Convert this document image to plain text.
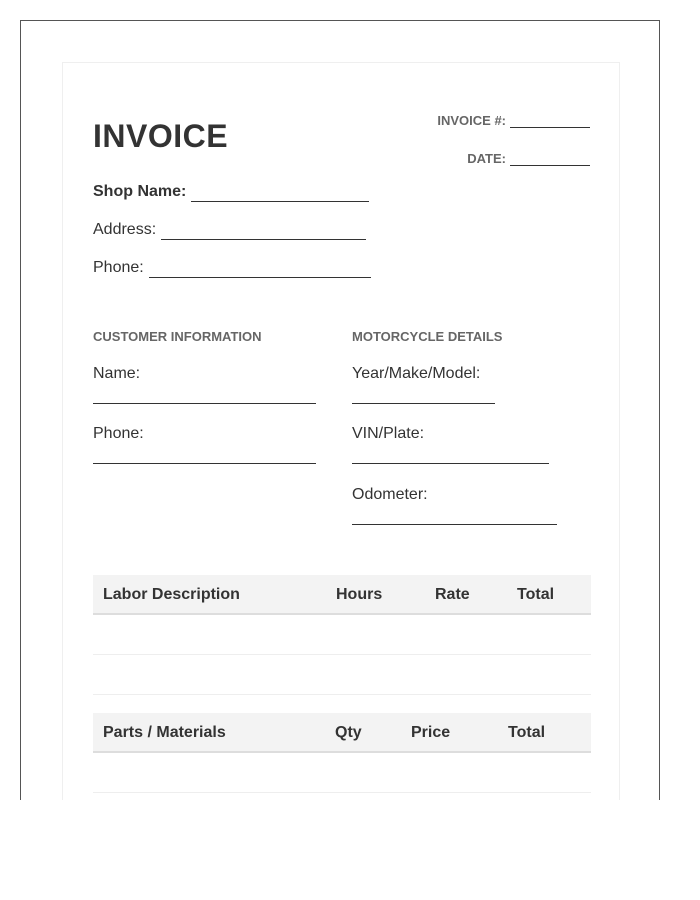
INVOICE	INVOICE #:
DATE:
Shop Name:
Address:
Phone:
CUSTOMER INFORMATION
Name:
Phone:
MOTORCYCLE DETAILS
Year/Make/Model:
VIN/Plate:
Odometer:
Labor Description	Hours	Rate	Total
Parts / Materials	Qty	Price	Total
